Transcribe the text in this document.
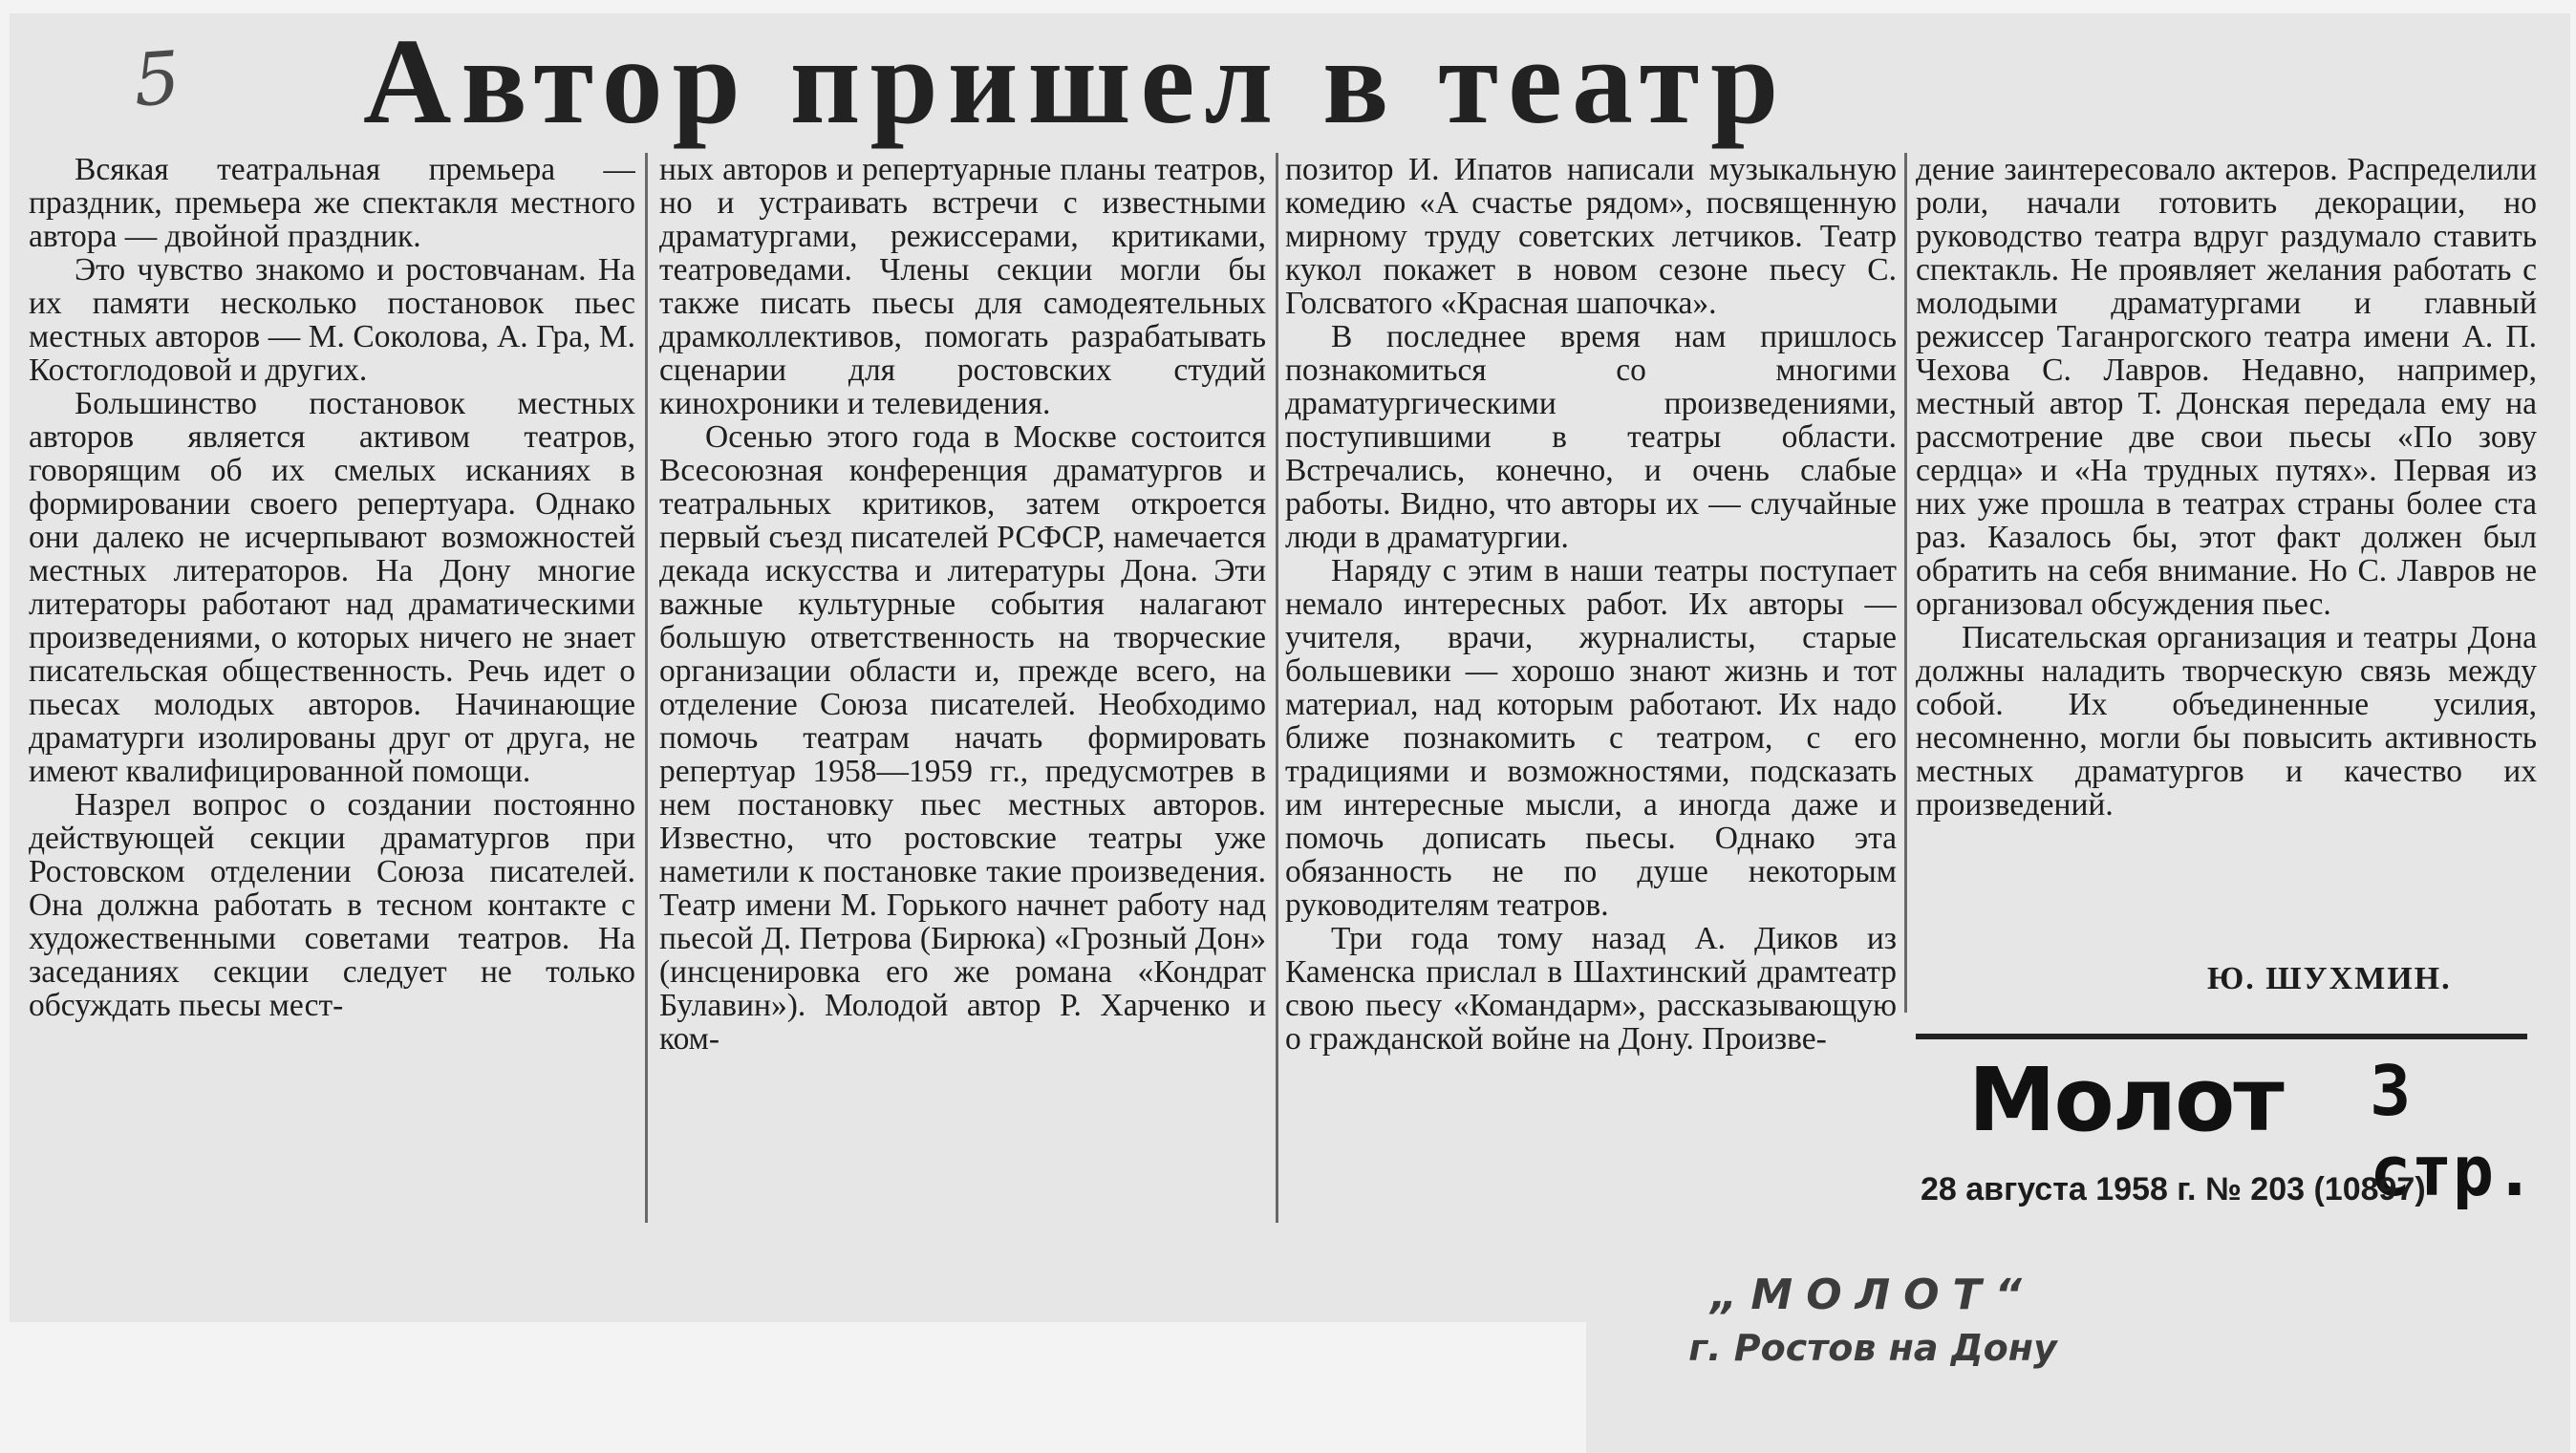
5 Автор пришел в театр

Всякая театральная премьера — праздник, премьера же спектакля местного автора — двойной праздник.

Это чувство знакомо и ростовчанам. На их памяти несколько постановок пьес местных авторов — М. Соколова, А. Гра, М. Костоглодовой и других.

Большинство постановок местных авторов является активом театров, говорящим об их смелых исканиях в формировании своего репертуара. Однако они далеко не исчерпывают возможностей местных литераторов. На Дону многие литераторы работают над драматическими произведениями, о которых ничего не знает писательская общественность. Речь идет о пьесах молодых авторов. Начинающие драматурги изолированы друг от друга, не имеют квалифицированной помощи.

Назрел вопрос о создании постоянно действующей секции драматургов при Ростовском отделении Союза писателей. Она должна работать в тесном контакте с художественными советами театров. На заседаниях секции следует не только обсуждать пьесы мест-

ных авторов и репертуарные планы театров, но и устраивать встречи с известными драматургами, режиссерами, критиками, театроведами. Члены секции могли бы также писать пьесы для самодеятельных драмколлективов, помогать разрабатывать сценарии для ростовских студий кинохроники и телевидения.

Осенью этого года в Москве состоится Всесоюзная конференция драматургов и театральных критиков, затем откроется первый съезд писателей РСФСР, намечается декада искусства и литературы Дона. Эти важные культурные события налагают большую ответственность на творческие организации области и, прежде всего, на отделение Союза писателей. Необходимо помочь театрам начать формировать репертуар 1958—1959 гг., предусмотрев в нем постановку пьес местных авторов. Известно, что ростовские театры уже наметили к постановке такие произведения. Театр имени М. Горького начнет работу над пьесой Д. Петрова (Бирюка) «Грозный Дон» (инсценировка его же романа «Кондрат Булавин»). Молодой автор Р. Харченко и ком-

позитор И. Ипатов написали музыкальную комедию «А счастье рядом», посвященную мирному труду советских летчиков. Театр кукол покажет в новом сезоне пьесу С. Голсватого «Красная шапочка».

В последнее время нам пришлось познакомиться со многими драматургическими произведениями, поступившими в театры области. Встречались, конечно, и очень слабые работы. Видно, что авторы их — случайные люди в драматургии.

Наряду с этим в наши театры поступает немало интересных работ. Их авторы — учителя, врачи, журналисты, старые большевики — хорошо знают жизнь и тот материал, над которым работают. Их надо ближе познакомить с театром, с его традициями и возможностями, подсказать им интересные мысли, а иногда даже и помочь дописать пьесы. Однако эта обязанность не по душе некоторым руководителям театров.

Три года тому назад А. Диков из Каменска прислал в Шахтинский драмтеатр свою пьесу «Командарм», рассказывающую о гражданской войне на Дону. Произве-

дение заинтересовало актеров. Распределили роли, начали готовить декорации, но руководство театра вдруг раздумало ставить спектакль. Не проявляет желания работать с молодыми драматургами и главный режиссер Таганрогского театра имени А. П. Чехова С. Лавров. Недавно, например, местный автор Т. Донская передала ему на рассмотрение две свои пьесы «По зову сердца» и «На трудных путях». Первая из них уже прошла в театрах страны более ста раз. Казалось бы, этот факт должен был обратить на себя внимание. Но С. Лавров не организовал обсуждения пьес.

Писательская организация и театры Дона должны наладить творческую связь между собой. Их объединенные усилия, несомненно, могли бы повысить активность местных драматургов и качество их произведений.

Ю. ШУХМИН.
Молот 3 стр.
28 августа 1958 г. № 203 (10897)
„МОЛОТ“
г. Ростов на Дону
